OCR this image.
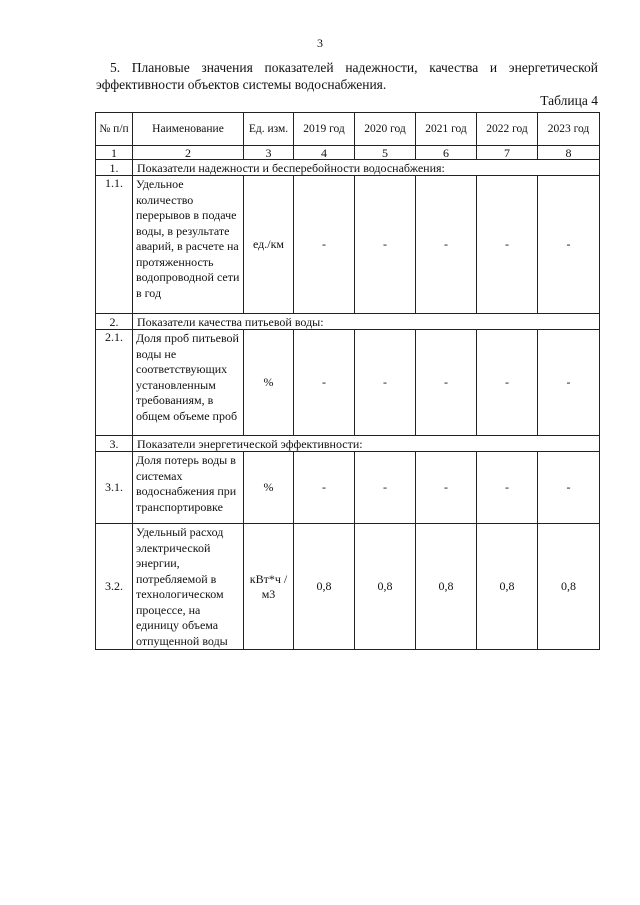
3
5. Плановые значения показателей надежности, качества и энергетической
эффективности объектов системы водоснабжения.
Таблица 4
№ п/п	Наименование	Ед. изм.	2019 год	2020 год	2021 год	2022 год	2023 год
1	2	3	4	5	6	7	8
1.	Показатели надежности и бесперебойности водоснабжения:						
1.1.	Удельное количество перерывов в подаче воды, в результате аварий, в расчете на протяженность водопроводной сети в год	ед./км	-	-	-	-	-
2.	Показатели качества питьевой воды:						
2.1.	Доля проб питьевой воды не соответствующих установленным требованиям, в общем объеме проб	%	-	-	-	-	-
3.	Показатели энергетической эффективности:						
3.1.	Доля потерь воды в системах водоснабжения при транспортировке	%	-	-	-	-	-
3.2.	Удельный расход электрической энергии, потребляемой в технологическом процессе, на единицу объема отпущенной воды	кВт*ч /м3	0,8	0,8	0,8	0,8	0,8
